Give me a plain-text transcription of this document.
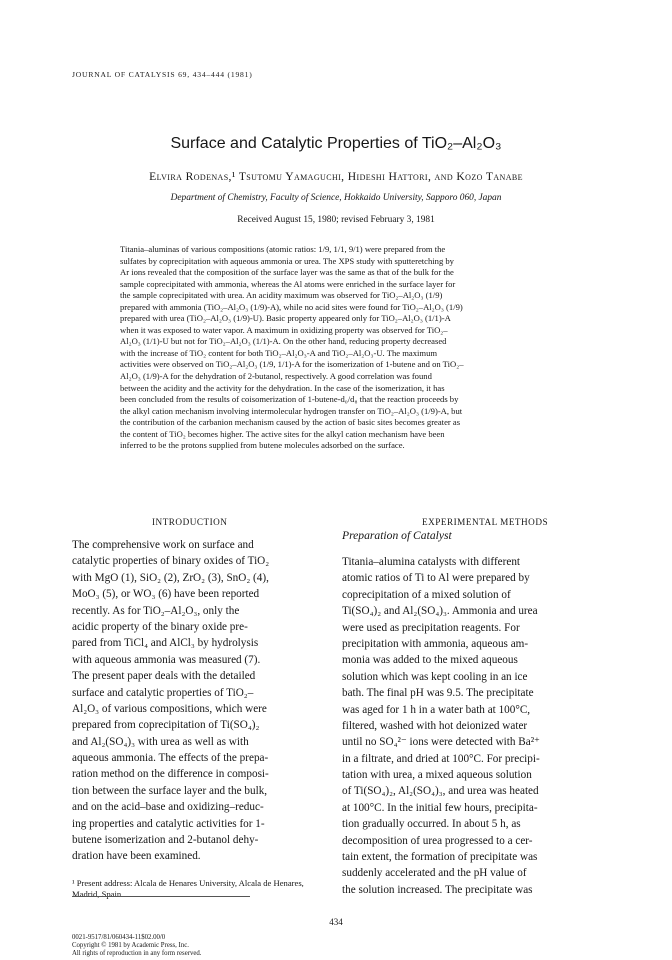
JOURNAL OF CATALYSIS 69, 434–444 (1981)
Surface and Catalytic Properties of TiO₂–Al₂O₃
Elvira Rodenas,¹ Tsutomu Yamaguchi, Hideshi Hattori, and Kozo Tanabe
Department of Chemistry, Faculty of Science, Hokkaido University, Sapporo 060, Japan
Received August 15, 1980; revised February 3, 1981
Titania–aluminas of various compositions (atomic ratios: 1/9, 1/1, 9/1) were prepared from the
sulfates by coprecipitation with aqueous ammonia or urea. The XPS study with sputteretching by
Ar ions revealed that the composition of the surface layer was the same as that of the bulk for the
sample coprecipitated with ammonia, whereas the Al atoms were enriched in the surface layer for
the sample coprecipitated with urea. An acidity maximum was observed for TiO₂–Al₂O₃ (1/9)
prepared with ammonia (TiO₂–Al₂O₃ (1/9)-A), while no acid sites were found for TiO₂–Al₂O₃ (1/9)
prepared with urea (TiO₂–Al₂O₃ (1/9)-U). Basic property appeared only for TiO₂–Al₂O₃ (1/1)-A
when it was exposed to water vapor. A maximum in oxidizing property was observed for TiO₂–
Al₂O₃ (1/1)-U but not for TiO₂–Al₂O₃ (1/1)-A. On the other hand, reducing property decreased
with the increase of TiO₂ content for both TiO₂–Al₂O₃-A and TiO₂–Al₂O₃-U. The maximum
activities were observed on TiO₂–Al₂O₃ (1/9, 1/1)-A for the isomerization of 1-butene and on TiO₂–
Al₂O₃ (1/9)-A for the dehydration of 2-butanol, respectively. A good correlation was found
between the acidity and the activity for the dehydration. In the case of the isomerization, it has
been concluded from the results of coisomerization of 1-butene-d₀/d₈ that the reaction proceeds by
the alkyl cation mechanism involving intermolecular hydrogen transfer on TiO₂–Al₂O₃ (1/9)-A, but
the contribution of the carbanion mechanism caused by the action of basic sites becomes greater as
the content of TiO₂ becomes higher. The active sites for the alkyl cation mechanism have been
inferred to be the protons supplied from butene molecules adsorbed on the surface.
INTRODUCTION	EXPERIMENTAL METHODS
The comprehensive work on surface and
catalytic properties of binary oxides of TiO₂
with MgO (1), SiO₂ (2), ZrO₂ (3), SnO₂ (4),
MoO₃ (5), or WO₃ (6) have been reported
recently. As for TiO₂–Al₂O₃, only the
acidic property of the binary oxide pre-
pared from TiCl₄ and AlCl₃ by hydrolysis
with aqueous ammonia was measured (7).
The present paper deals with the detailed
surface and catalytic properties of TiO₂–
Al₂O₃ of various compositions, which were
prepared from coprecipitation of Ti(SO₄)₂
and Al₂(SO₄)₃ with urea as well as with
aqueous ammonia. The effects of the prepa-
ration method on the difference in composi-
tion between the surface layer and the bulk,
and on the acid–base and oxidizing–reduc-
ing properties and catalytic activities for 1-
butene isomerization and 2-butanol dehy-
dration have been examined.
Preparation of Catalyst
Titania–alumina catalysts with different
atomic ratios of Ti to Al were prepared by
coprecipitation of a mixed solution of
Ti(SO₄)₂ and Al₂(SO₄)₃. Ammonia and urea
were used as precipitation reagents. For
precipitation with ammonia, aqueous am-
monia was added to the mixed aqueous
solution which was kept cooling in an ice
bath. The final pH was 9.5. The precipitate
was aged for 1 h in a water bath at 100°C,
filtered, washed with hot deionized water
until no SO₄²⁻ ions were detected with Ba²⁺
in a filtrate, and dried at 100°C. For precipi-
tation with urea, a mixed aqueous solution
of Ti(SO₄)₂, Al₂(SO₄)₃, and urea was heated
at 100°C. In the initial few hours, precipita-
tion gradually occurred. In about 5 h, as
decomposition of urea progressed to a cer-
tain extent, the formation of precipitate was
suddenly accelerated and the pH value of
the solution increased. The precipitate was
¹ Present address: Alcala de Henares University, Alcala de Henares, Madrid, Spain.
434
0021-9517/81/060434-11$02.00/0
Copyright © 1981 by Academic Press, Inc.
All rights of reproduction in any form reserved.
